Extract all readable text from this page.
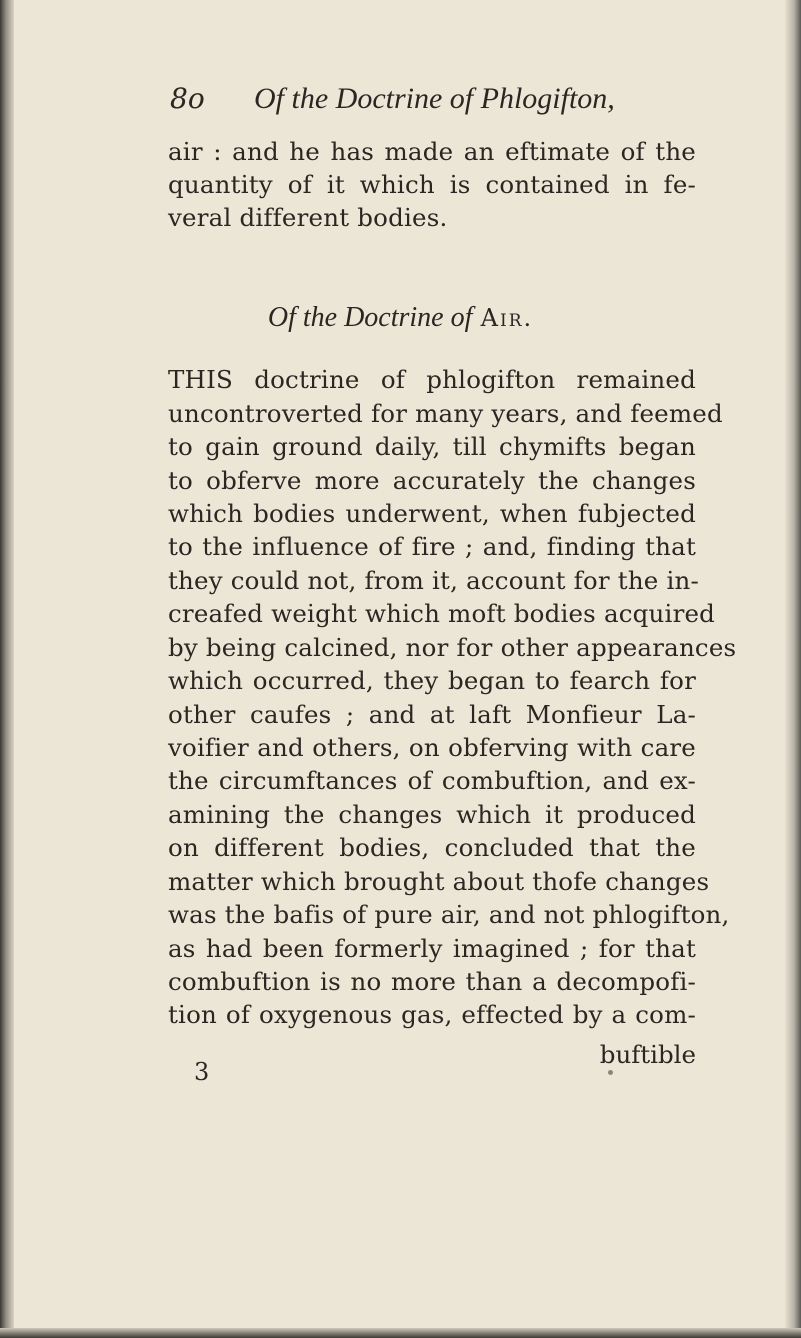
8o Of the Doctrine of Phlogifton,
air : and he has made an eftimate of the
quantity of it which is contained in fe‑
veral different bodies.
Of the Doctrine of Air.
THIS doctrine of phlogifton remained
uncontroverted for many years, and feemed
to gain ground daily, till chymifts began
to obferve more accurately the changes
which bodies underwent, when fubjected
to the influence of fire ; and, finding that
they could not, from it, account for the in‑
creafed weight which moft bodies acquired
by being calcined, nor for other appearances
which occurred, they began to fearch for
other caufes ; and at laft Monfieur La‑
voifier and others, on obferving with care
the circumftances of combuftion, and ex-
amining the changes which it produced
on different bodies, concluded that the
matter which brought about thofe changes
was the bafis of pure air, and not phlogifton,
as had been formerly imagined ; for that
combuftion is no more than a decompofi‑
tion of oxygenous gas, effected by a com-
3
buftible
